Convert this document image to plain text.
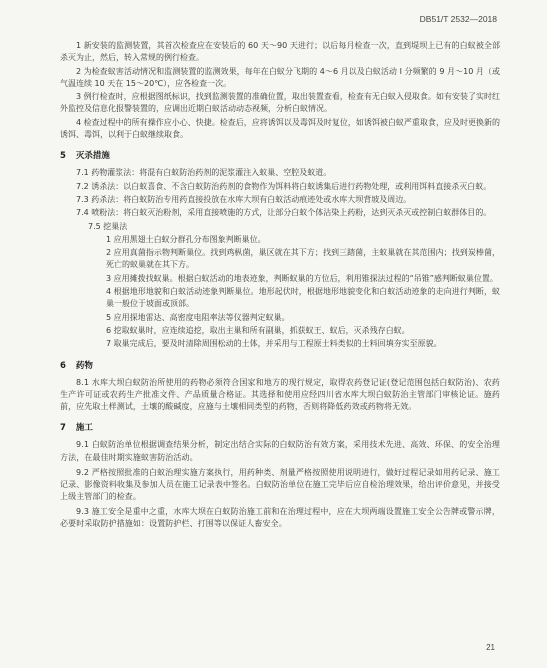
DB51/T 2532—2018

1 新安装的监测装置，其首次检查应在安装后的 60 天～90 天进行；以后每月检查一次，直到堤坝上已有的白蚁被全部杀灭为止，然后，转入常规的例行检查。

2 为检查蚁害活动情况和监测装置的监测效果，每年在白蚁分飞期的 4～6 月以及白蚁活动 I 分频繁的 9 月～10 月（或气温连续 10 天在 15～20℃），应各检查一次。

3 例行检查时，应根据图纸标识，找到监测装置的准确位置，取出装置查看，检查有无白蚁入侵取食。如有安装了实时红外监控及信息化报警装置的，应调出近期白蚁活动动态视频，分析白蚁情况。

4 检查过程中的所有操作应小心、快捷。检查后，应将诱饵以及毒饵及时复位，如诱饵被白蚁严重取食，应及时更换新的诱饵、毒饵，以利于白蚁继续取食。

5 灭杀措施

7.1 药物灌浆法：将混有白蚁防治药剂的泥浆灌注入蚁巢、空腔及蚁道。

7.2 诱杀法：以白蚁喜食、不含白蚁防治药剂的食物作为饵料将白蚁诱集后进行药物处理，或利用饵料直接杀灭白蚁。

7.3 药杀法：将白蚁防治专用药直接投放在水库大坝有白蚁活动痕迹处或水库大坝背坡及周边。

7.4 喷粉法：将白蚁灭治粉剂，采用直接喷施的方式，让部分白蚁个体沾染上药粉，达到灭杀灭或控制白蚁群体目的。

7.5 挖巢法

1 应用黑翅土白蚁分群孔分布图象判断巢位。

2 应用真菌指示物判断巢位。找到鸡枞菌，巢区就在其下方；找到三踏菌，主蚁巢就在其范围内；找到炭棒菌，死亡的蚁巢就在其下方。

3 应用摊拨找蚁巢。根据白蚁活动的地表迹象，判断蚁巢的方位后，利用锥探法过程的“吊锥”感判断蚁巢位置。

4 根据地形地貌和白蚁活动迹象判断巢位。地形起伏时，根据地形地貌变化和白蚁活动迹象的走向进行判断，蚁巢一般位于坡面或顶部。

5 应用探地雷达、高密度电阻率法等仪器判定蚁巢。

6 挖取蚁巢时，应连续追挖，取出主巢和所有副巢，抓获蚁王、蚁后，灭杀残存白蚁。

7 取巢完成后，要及时清除周围松动的土体，并采用与工程原土料类似的土料回填夯实至原貌。

6 药物

8.1 水库大坝白蚁防治所使用的药物必须符合国家和地方的现行规定，取得农药登记证(登记范围包括白蚁防治)、农药生产许可证或农药生产批准文件、产品质量合格证。其选择和使用应经四川省水库大坝白蚁防治主管部门审核论证。施药前，应先取土样测试，土壤的酸碱度，应施与土壤相同类型的药物，否则将降低药效或药物将无效。

7 施工

9.1 白蚁防治单位根据调查结果分析，制定出结合实际的白蚁防治有效方案，采用技术先进、高效、环保、的安全治理方法，在最佳时期实施蚁害防治活动。

9.2 严格按照批准的白蚁治理实施方案执行，用药种类、剂量严格按照使用说明进行，做好过程记录如用药记录、施工记录、影像资料收集及参加人员在施工记录表中签名。白蚁防治单位在施工完毕后应自检治理效果，给出评价意见，并接受上级主管部门的检查。

9.3 施工安全是重中之重，水库大坝在白蚁防治施工前和在治理过程中，应在大坝两端设置施工安全公告牌或警示牌，必要时采取防护措施如：设置防护栏、打围等以保证人畜安全。

21
